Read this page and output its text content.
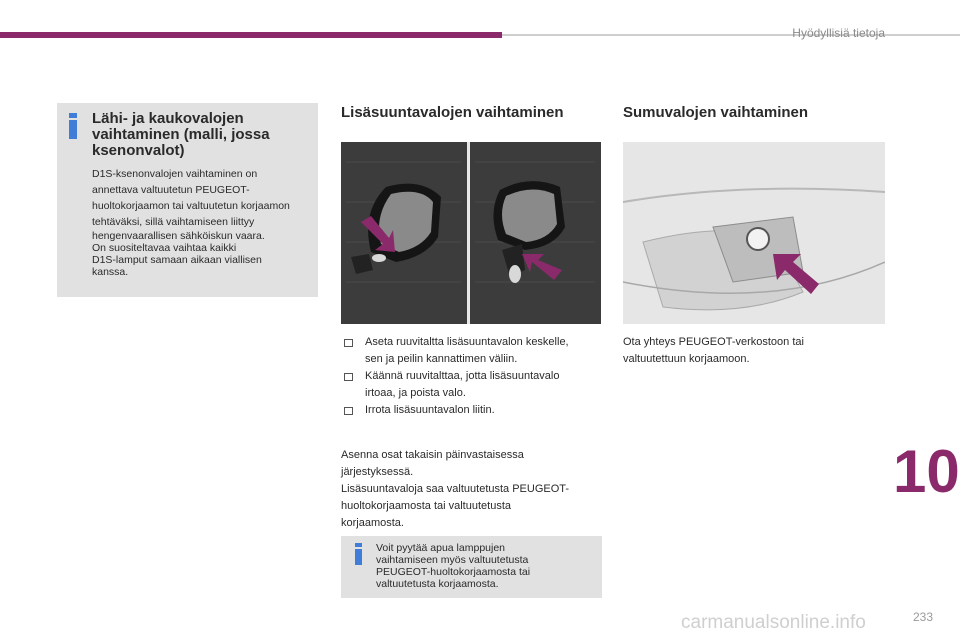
Hyödyllisiä tietoja
Lähi- ja kaukovalojen vaihtaminen (malli, jossa ksenonvalot)
D1S-ksenonvalojen vaihtaminen on
annettava valtuutetun PEUGEOT-
huoltokorjaamon tai valtuutetun korjaamon
tehtäväksi, sillä vaihtamiseen liittyy
hengenvaarallisen sähköiskun vaara.
On suositeltavaa vaihtaa kaikki
D1S-lamput samaan aikaan viallisen
kanssa.
Lisäsuuntavalojen vaihtaminen	Sumuvalojen vaihtaminen
Aseta ruuvitaltta lisäsuuntavalon keskelle,
sen ja peilin kannattimen väliin.
Käännä ruuvitalttaa, jotta lisäsuuntavalo
irtoaa, ja poista valo.
Irrota lisäsuuntavalon liitin.
Asenna osat takaisin päinvastaisessa
järjestyksessä.
Lisäsuuntavaloja saa valtuutetusta PEUGEOT-
huoltokorjaamosta tai valtuutetusta
korjaamosta.
Voit pyytää apua lamppujen
vaihtamiseen myös valtuutetusta
PEUGEOT-huoltokorjaamosta tai
valtuutetusta korjaamosta.
Ota yhteys PEUGEOT-verkostoon tai
valtuutettuun korjaamoon.
10
carmanualsonline.info	233
